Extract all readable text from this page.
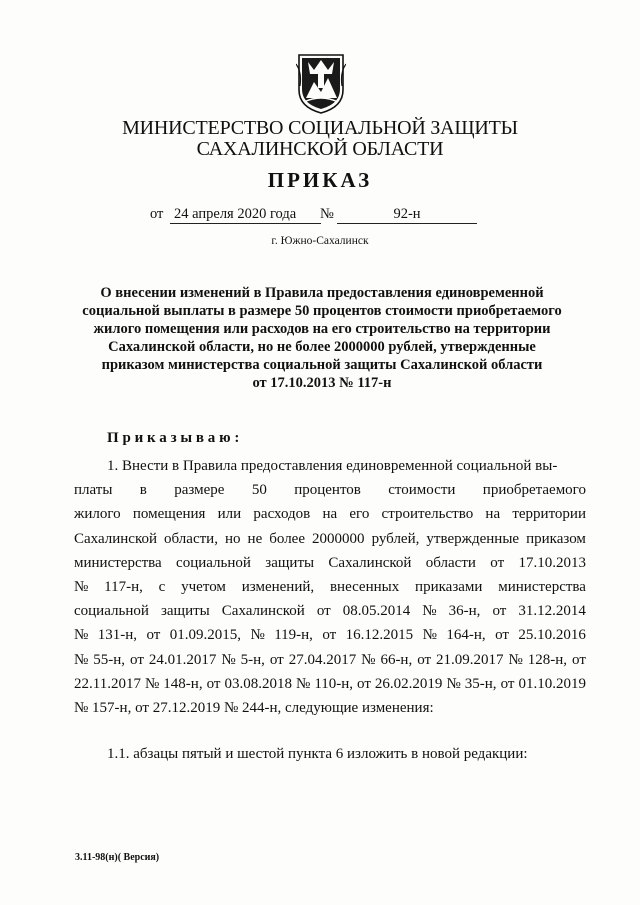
МИНИСТЕРСТВО СОЦИАЛЬНОЙ ЗАЩИТЫ
САХАЛИНСКОЙ ОБЛАСТИ
ПРИКАЗ
от 24 апреля 2020 года	№	92-н
г. Южно-Сахалинск
О внесении изменений в Правила предоставления единовременной
социальной выплаты в размере 50 процентов стоимости приобретаемого
жилого помещения или расходов на его строительство на территории
Сахалинской области, но не более 2000000 рублей, утвержденные
приказом министерства социальной защиты Сахалинской области
от 17.10.2013 № 117-н
Приказываю:
1. Внести в Правила предоставления единовременной социальной вы-
платы в размере 50 процентов стоимости приобретаемого
жилого помещения или расходов на его строительство на территории
Сахалинской области, но не более 2000000 рублей, утвержденные приказом
министерства социальной защиты Сахалинской области от 17.10.2013
№ 117-н, с учетом изменений, внесенных приказами министерства
социальной защиты Сахалинской от 08.05.2014 № 36-н, от 31.12.2014
№ 131-н, от 01.09.2015, № 119-н, от 16.12.2015 № 164-н, от 25.10.2016
№ 55-н, от 24.01.2017 № 5-н, от 27.04.2017 № 66-н, от 21.09.2017 № 128-н, от
22.11.2017 № 148-н, от 03.08.2018 № 110-н, от 26.02.2019 № 35-н, от 01.10.2019
№ 157-н, от 27.12.2019 № 244-н, следующие изменения:
1.1. абзацы пятый и шестой пункта 6 изложить в новой редакции:
3.11-98(н)( Версия)
